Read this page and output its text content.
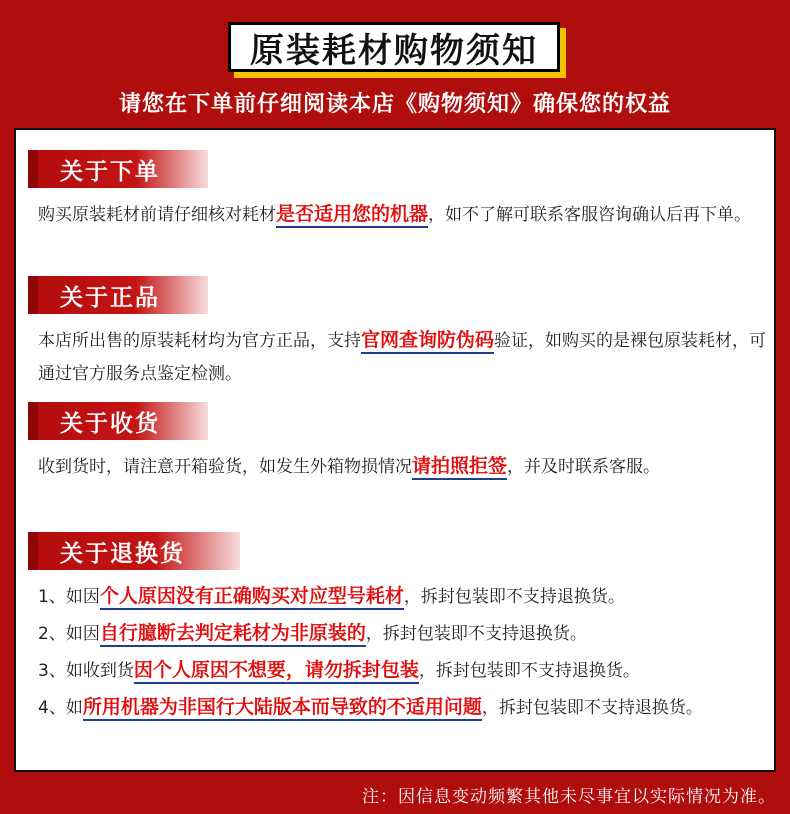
原装耗材购物须知
请您在下单前仔细阅读本店《购物须知》确保您的权益
关于下单
购买原装耗材前请仔细核对耗材是否适用您的机器，如不了解可联系客服咨询确认后再下单。
关于正品
本店所出售的原装耗材均为官方正品，支持官网查询防伪码验证，如购买的是裸包原装耗材，可通过官方服务点鉴定检测。
关于收货
收到货时，请注意开箱验货，如发生外箱物损情况请拍照拒签，并及时联系客服。
关于退换货
1、如因个人原因没有正确购买对应型号耗材，拆封包装即不支持退换货。
2、如因自行臆断去判定耗材为非原装的，拆封包装即不支持退换货。
3、如收到货因个人原因不想要，请勿拆封包装，拆封包装即不支持退换货。
4、如所用机器为非国行大陆版本而导致的不适用问题，拆封包装即不支持退换货。
注：因信息变动频繁其他未尽事宜以实际情况为准。
